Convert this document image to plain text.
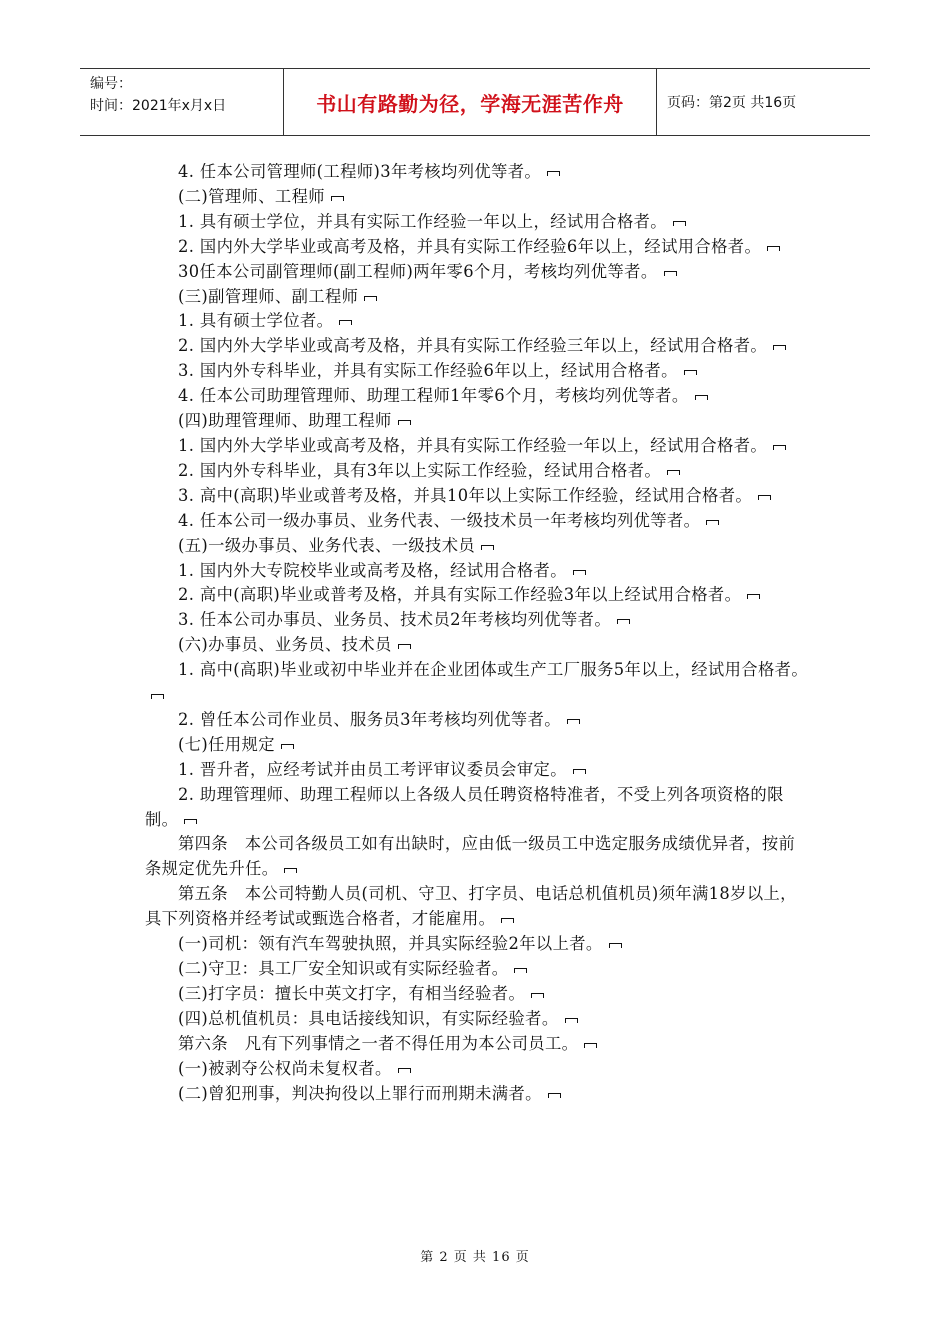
编号：
时间：2021年x月x日	书山有路勤为径，学海无涯苦作舟	页码：第2页 共16页

4. 任本公司管理师(工程师)3年考核均列优等者。

(二)管理师、工程师

1. 具有硕士学位，并具有实际工作经验一年以上，经试用合格者。

2. 国内外大学毕业或高考及格，并具有实际工作经验6年以上，经试用合格者。

30任本公司副管理师(副工程师)两年零6个月，考核均列优等者。

(三)副管理师、副工程师

1. 具有硕士学位者。

2. 国内外大学毕业或高考及格，并具有实际工作经验三年以上，经试用合格者。

3. 国内外专科毕业，并具有实际工作经验6年以上，经试用合格者。

4. 任本公司助理管理师、助理工程师1年零6个月，考核均列优等者。

(四)助理管理师、助理工程师

1. 国内外大学毕业或高考及格，并具有实际工作经验一年以上，经试用合格者。

2. 国内外专科毕业，具有3年以上实际工作经验，经试用合格者。

3. 高中(高职)毕业或普考及格，并具10年以上实际工作经验，经试用合格者。

4. 任本公司一级办事员、业务代表、一级技术员一年考核均列优等者。

(五)一级办事员、业务代表、一级技术员

1. 国内外大专院校毕业或高考及格，经试用合格者。

2. 高中(高职)毕业或普考及格，并具有实际工作经验3年以上经试用合格者。

3. 任本公司办事员、业务员、技术员2年考核均列优等者。

(六)办事员、业务员、技术员

1. 高中(高职)毕业或初中毕业并在企业团体或生产工厂服务5年以上，经试用合格者。

2. 曾任本公司作业员、服务员3年考核均列优等者。

(七)任用规定

1. 晋升者，应经考试并由员工考评审议委员会审定。

2. 助理管理师、助理工程师以上各级人员任聘资格特准者，不受上列各项资格的限制。

第四条　本公司各级员工如有出缺时，应由低一级员工中选定服务成绩优异者，按前条规定优先升任。

第五条　本公司特勤人员(司机、守卫、打字员、电话总机值机员)须年满18岁以上，具下列资格并经考试或甄选合格者，才能雇用。

(一)司机：领有汽车驾驶执照，并具实际经验2年以上者。

(二)守卫：具工厂安全知识或有实际经验者。

(三)打字员：擅长中英文打字，有相当经验者。

(四)总机值机员：具电话接线知识，有实际经验者。

第六条　凡有下列事情之一者不得任用为本公司员工。

(一)被剥夺公权尚未复权者。

(二)曾犯刑事，判决拘役以上罪行而刑期未满者。

第 2 页 共 16 页
